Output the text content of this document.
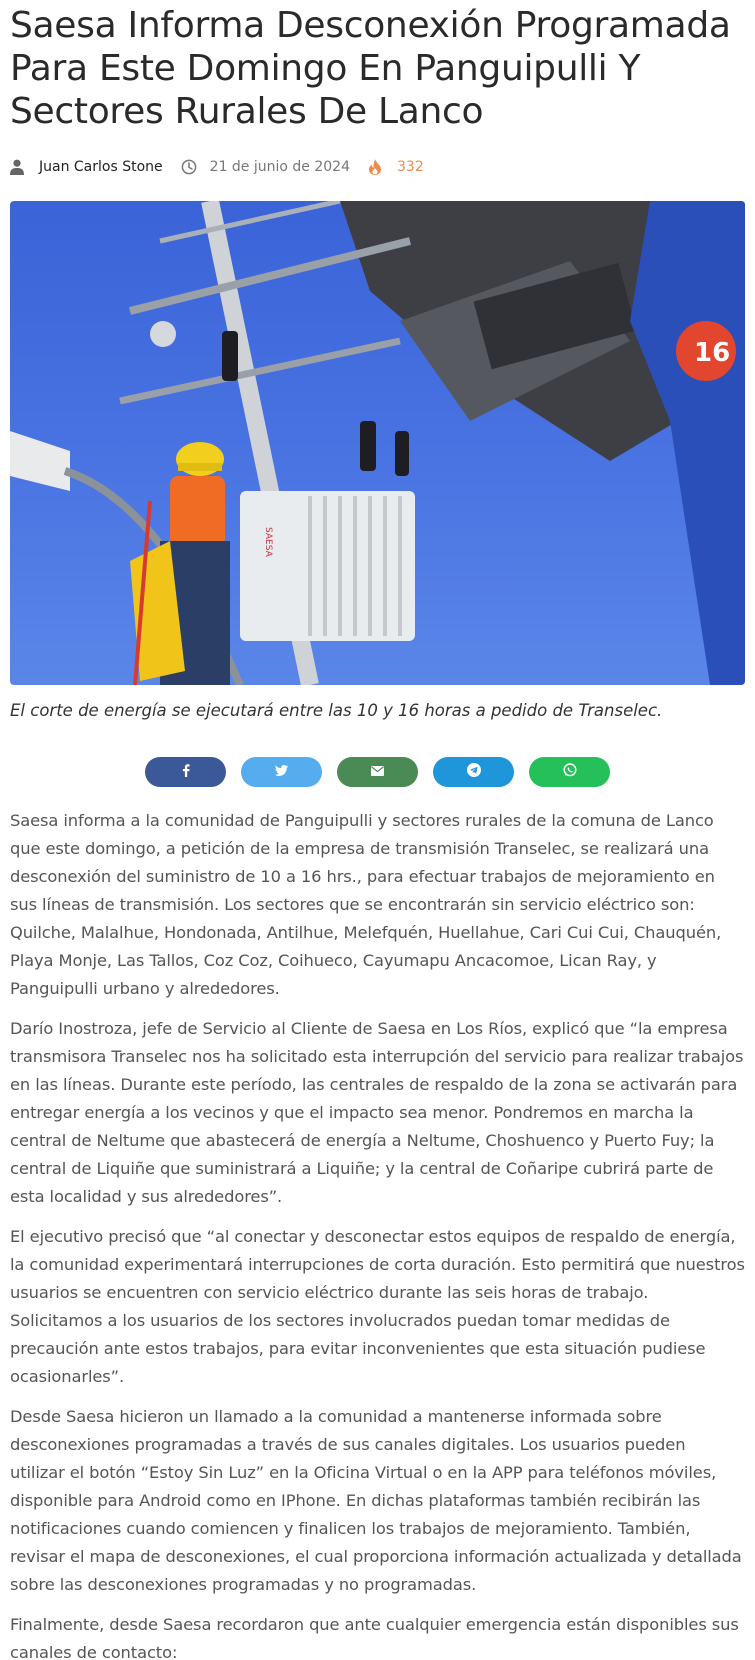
Saesa Informa Desconexión Programada Para Este Domingo En Panguipulli Y Sectores Rurales De Lanco
Juan Carlos Stone	21 de junio de 2024	332
16
SAESA

El corte de energía se ejecutará entre las 10 y 16 horas a pedido de Transelec.

Saesa informa a la comunidad de Panguipulli y sectores rurales de la comuna de Lanco que este domingo, a petición de la empresa de transmisión Transelec, se realizará una desconexión del suministro de 10 a 16 hrs., para efectuar trabajos de mejoramiento en sus líneas de transmisión. Los sectores que se encontrarán sin servicio eléctrico son: Quilche, Malalhue, Hondonada, Antilhue, Melefquén, Huellahue, Cari Cui Cui, Chauquén, Playa Monje, Las Tallos, Coz Coz, Coihueco, Cayumapu Ancacomoe, Lican Ray, y Panguipulli urbano y alrededores.

Darío Inostroza, jefe de Servicio al Cliente de Saesa en Los Ríos, explicó que “la empresa transmisora Transelec nos ha solicitado esta interrupción del servicio para realizar trabajos en las líneas. Durante este período, las centrales de respaldo de la zona se activarán para entregar energía a los vecinos y que el impacto sea menor. Pondremos en marcha la central de Neltume que abastecerá de energía a Neltume, Choshuenco y Puerto Fuy; la central de Liquiñe que suministrará a Liquiñe; y la central de Coñaripe cubrirá parte de esta localidad y sus alrededores”.

El ejecutivo precisó que “al conectar y desconectar estos equipos de respaldo de energía, la comunidad experimentará interrupciones de corta duración. Esto permitirá que nuestros usuarios se encuentren con servicio eléctrico durante las seis horas de trabajo. Solicitamos a los usuarios de los sectores involucrados puedan tomar medidas de precaución ante estos trabajos, para evitar inconvenientes que esta situación pudiese ocasionarles”.

Desde Saesa hicieron un llamado a la comunidad a mantenerse informada sobre desconexiones programadas a través de sus canales digitales. Los usuarios pueden utilizar el botón “Estoy Sin Luz” en la Oficina Virtual o en la APP para teléfonos móviles, disponible para Android como en IPhone. En dichas plataformas también recibirán las notificaciones cuando comiencen y finalicen los trabajos de mejoramiento. También, revisar el mapa de desconexiones, el cual proporciona información actualizada y detallada sobre las desconexiones programadas y no programadas.

Finalmente, desde Saesa recordaron que ante cualquier emergencia están disponibles sus canales de contacto:
